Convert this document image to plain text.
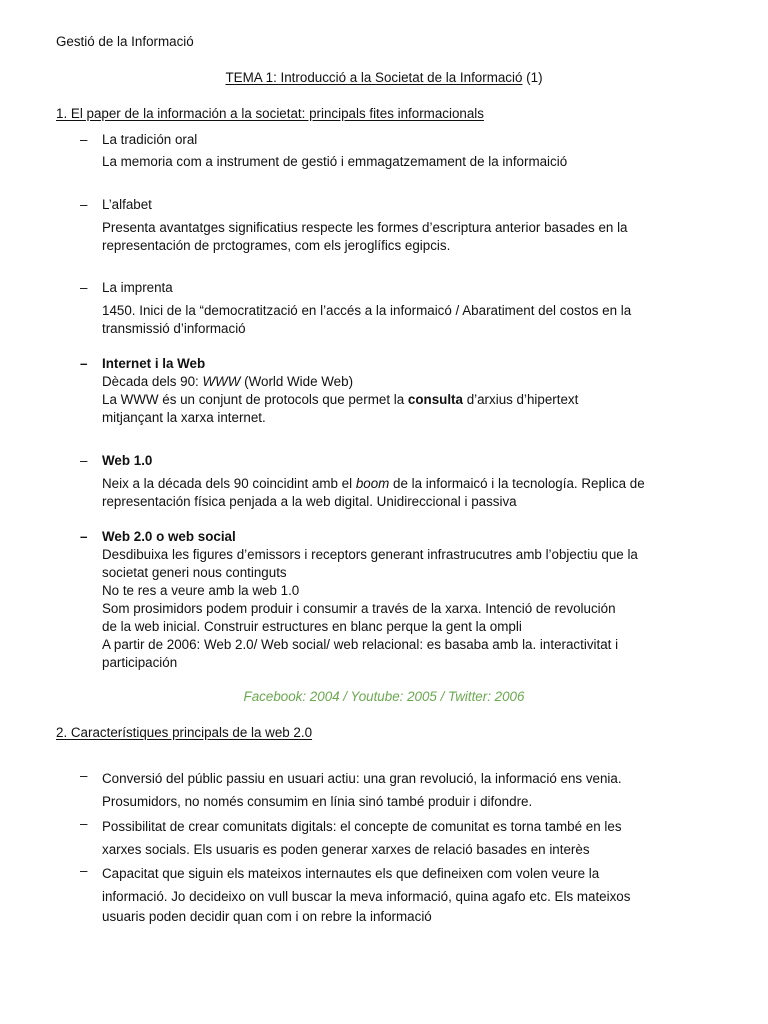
Gestió de la Informació
TEMA 1: Introducció a la Societat de la Informació (1)
1. El paper de la información a la societat: principals fites informacionals
–	La tradición oral
La memoria com a instrument de gestió i emmagatzemament de la informaició
–	L’alfabet
Presenta avantatges significatius respecte les formes d’escriptura anterior basades en la
representación de prctogrames, com els jeroglífics egipcis.
–	La imprenta
1450. Inici de la “democratització en l’accés a la informaicó / Abaratiment del costos en la
transmissió d’informació
–	Internet i la Web
Dècada dels 90: WWW (World Wide Web)
La WWW és un conjunt de protocols que permet la consulta d’arxius d’hipertext
mitjançant la xarxa internet.
–	Web 1.0
Neix a la década dels 90 coincidint amb el boom de la informaicó i la tecnología. Replica de
representación física penjada a la web digital. Unidireccional i passiva
–	Web 2.0 o web social
Desdibuixa les figures d’emissors i receptors generant infrastrucutres amb l’objectiu que la
societat generi nous continguts
No te res a veure amb la web 1.0
Som prosimidors podem produir i consumir a través de la xarxa. Intenció de revolución
de la web inicial. Construir estructures en blanc perque la gent la ompli
A partir de 2006: Web 2.0/ Web social/ web relacional: es basaba amb la. interactivitat i
participación
Facebook: 2004 / Youtube: 2005 / Twitter: 2006
2. Característiques principals de la web 2.0
–	Conversió del públic passiu en usuari actiu: una gran revolució, la informació ens venia.
Prosumidors, no només consumim en línia sinó també produir i difondre.
–	Possibilitat de crear comunitats digitals: el concepte de comunitat es torna també en les
xarxes socials. Els usuaris es poden generar xarxes de relació basades en interès
–	Capacitat que siguin els mateixos internautes els que defineixen com volen veure la
informació. Jo decideixo on vull buscar la meva informació, quina agafo etc. Els mateixos
usuaris poden decidir quan com i on rebre la informació
